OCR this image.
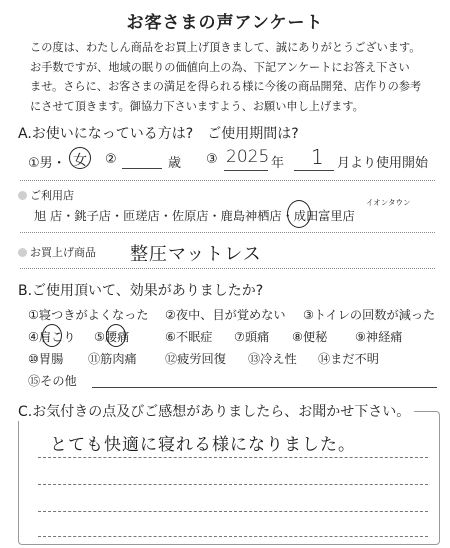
お客さまの声アンケート
この度は、わたしん商品をお買上げ頂きまして、誠にありがとうございます。
お手数ですが、地域の眠りの価値向上の為、下記アンケートにお答え下さい
ませ。さらに、お客さまの満足を得られる様に今後の商品開発、店作りの参考
にさせて頂きます。御協力下さいますよう、お願い申し上げます。
A.お使いになっている方は?　ご使用期間は?
①男・ 女 ②	歳 ③ 2025 年 1 月より使用開始
ご利用店
イオンタウン
旭 店・銚子店・匝瑳店・佐原店・鹿島神栖店・成田富里店
お買上げ商品 整圧マットレス
B.ご使用頂いて、効果がありましたか?
①寝つきがよくなった ②夜中、目が覚めない ③トイレの回数が減った
④肩こり ⑤腰痛	⑥不眠症 ⑦頭痛 ⑧便秘 ⑨神経痛
⑩胃腸 ⑪筋肉痛 ⑫疲労回復 ⑬冷え性 ⑭まだ不明
⑮その他
C.お気付きの点及びご感想がありましたら、お聞かせ下さい。
とても快適に寝れる様になりました。
